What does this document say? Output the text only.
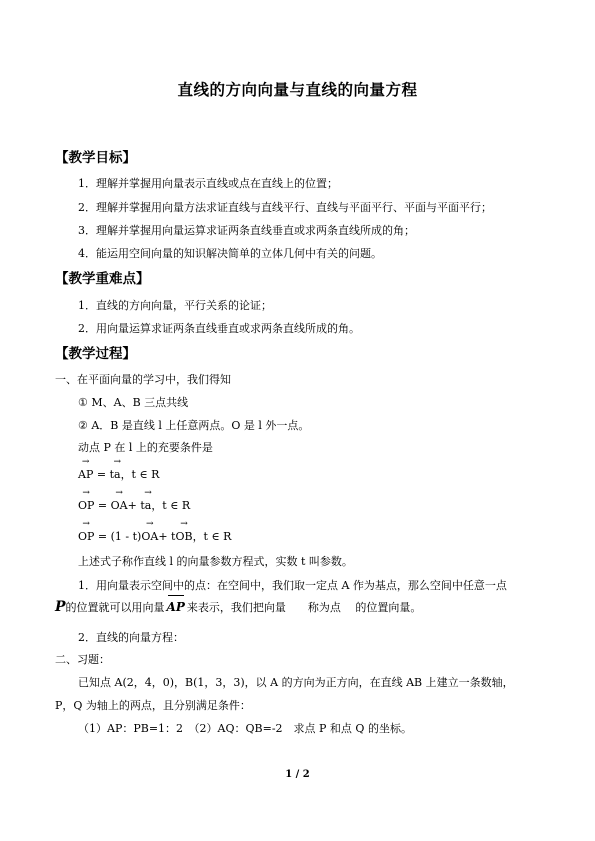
直线的方向向量与直线的向量方程
【教学目标】
1．理解并掌握用向量表示直线或点在直线上的位置；
2．理解并掌握用向量方法求证直线与直线平行、直线与平面平行、平面与平面平行；
3．理解并掌握用向量运算求证两条直线垂直或求两条直线所成的角；
4．能运用空间向量的知识解决简单的立体几何中有关的问题。
【教学重难点】
1．直线的方向向量，平行关系的论证；
2．用向量运算求证两条直线垂直或求两条直线所成的角。
【教学过程】
一、在平面向量的学习中，我们得知
① M、A、B 三点共线
② A．B 是直线 l 上任意两点。O 是 l 外一点。
动点 P 在 l 上的充要条件是
→ AP = t→ a，t ∈ R
→ OP = → OA+ t→ a，t ∈ R
→ OP = (1 - t)→ OA+ t→ OB，t ∈ R
上述式子称作直线 l 的向量参数方程式，实数 t 叫参数。
1．用向量表示空间中的点：在空间中，我们取一定点 A 作为基点，那么空间中任意一点
P的位置就可以用向量 AP 来表示，我们把向量　　称为点　 的位置向量。
2．直线的向量方程：
二、习题：
已知点 A(2，4，0)，B(1，3，3)，以 A 的方向为正方向，在直线 AB 上建立一条数轴，
P，Q 为轴上的两点，且分别满足条件：
（1）AP：PB=1：2　（2）AQ：QB=-2　求点 P 和点 Q 的坐标。
1 / 2
